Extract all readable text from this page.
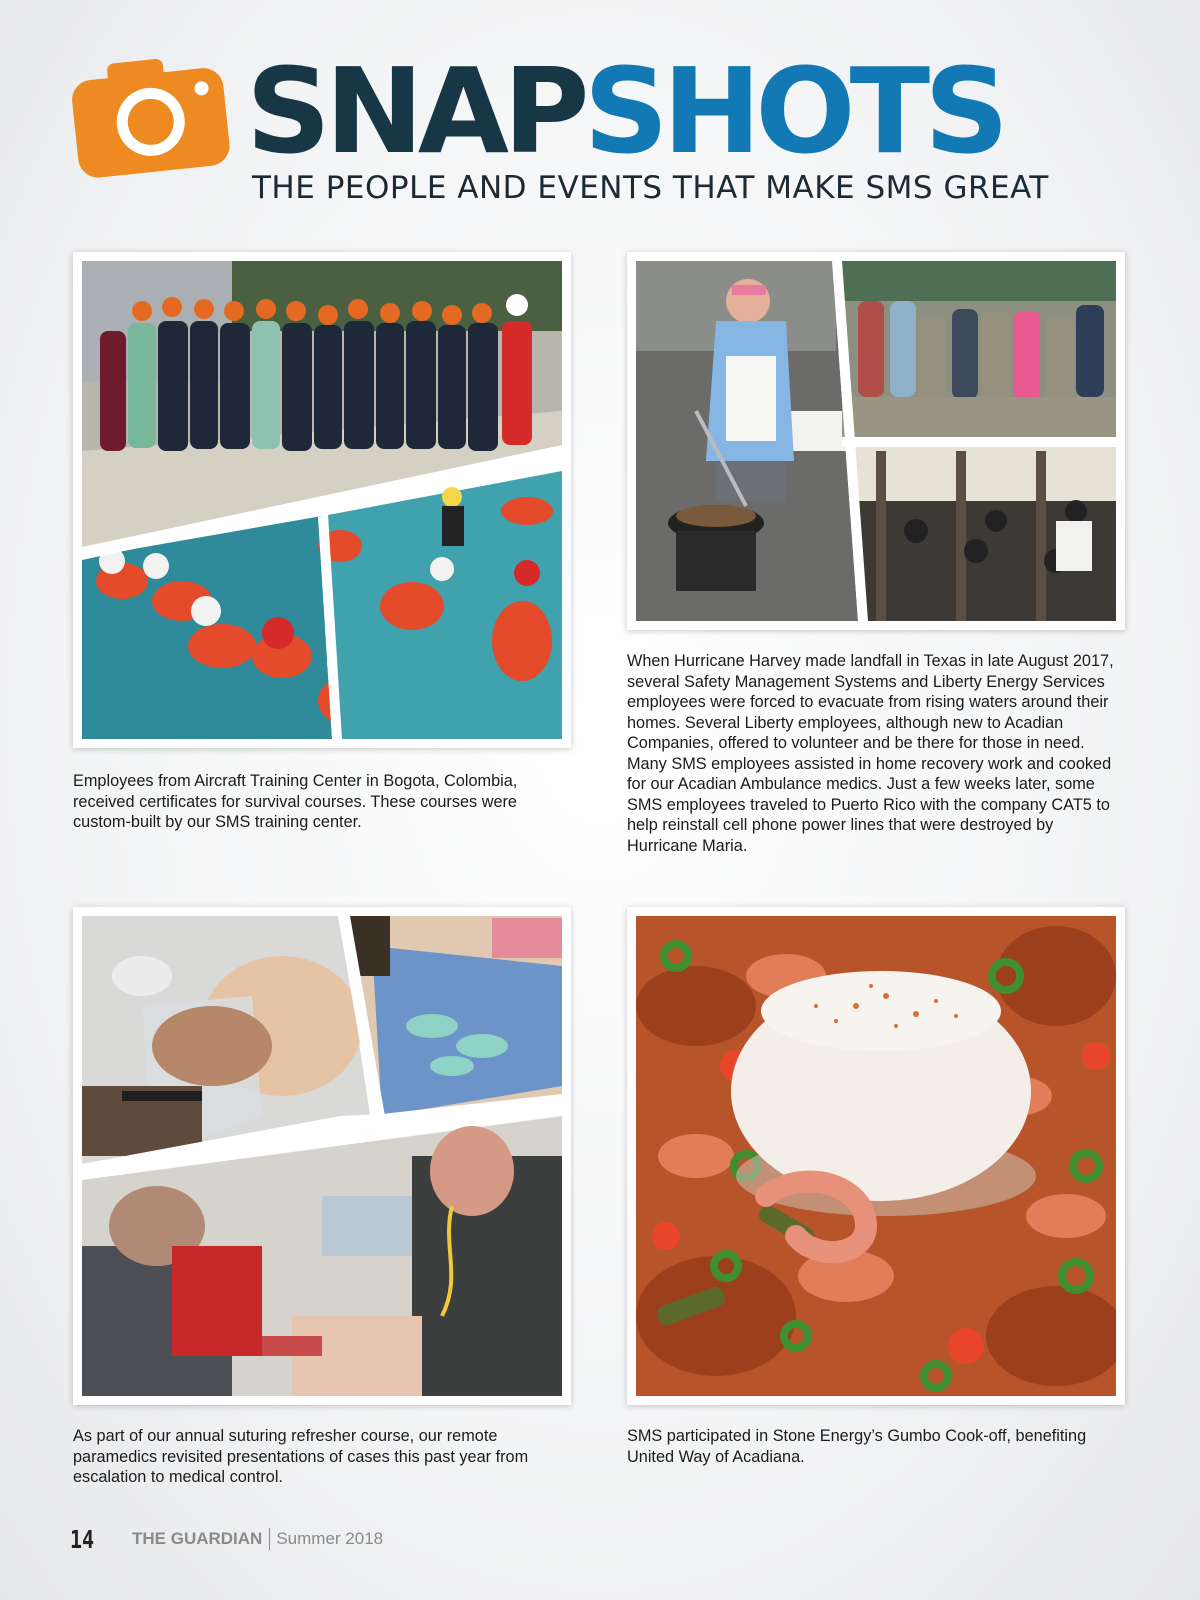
SNAPSHOTS
THE PEOPLE AND EVENTS THAT MAKE SMS GREAT
Employees from Aircraft Training Center in Bogota, Colombia, received certificates for survival courses. These courses were custom-built by our SMS training center.
When Hurricane Harvey made landfall in Texas in late August 2017, several Safety Management Systems and Liberty Energy Services employees were forced to evacuate from rising waters around their homes. Several Liberty employees, although new to Acadian Companies, offered to volunteer and be there for those in need. Many SMS employees assisted in home recovery work and cooked for our Acadian Ambulance medics. Just a few weeks later, some SMS employees traveled to Puerto Rico with the company CAT5 to help reinstall cell phone power lines that were destroyed by Hurricane Maria.
As part of our annual suturing refresher course, our remote paramedics revisited presentations of cases this past year from escalation to medical control.
SMS participated in Stone Energy’s Gumbo Cook-off, benefiting United Way of Acadiana.
14	THE GUARDIAN Summer 2018
